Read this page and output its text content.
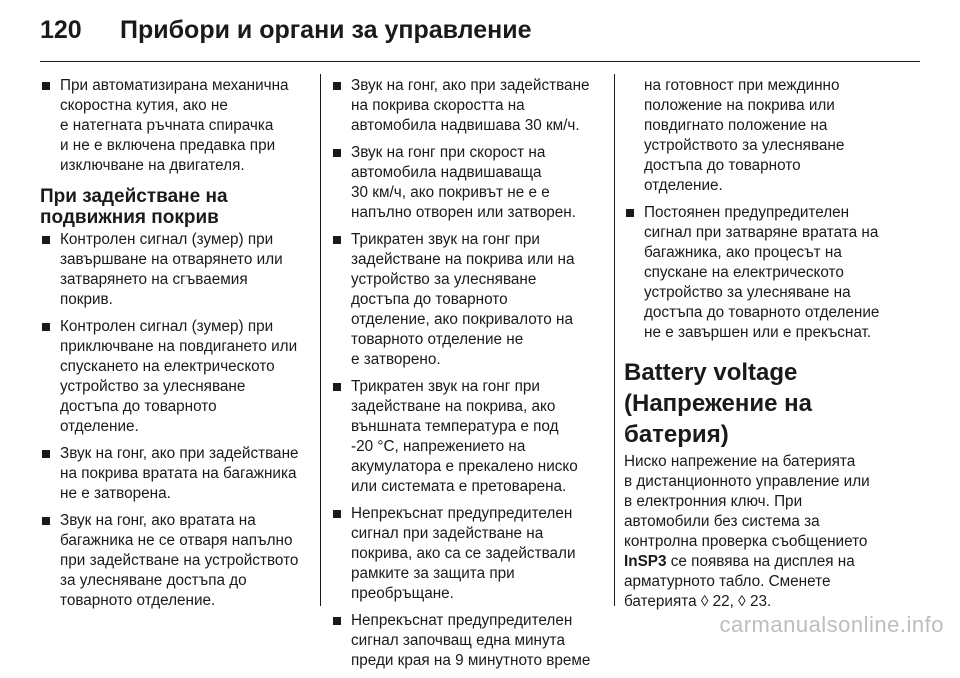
120 Прибори и органи за управление
При автоматизирана механична
скоростна кутия, ако не
е натегната ръчната спирачка
и не е включена предавка при
изключване на двигателя.
При задействане на
подвижния покрив
Контролен сигнал (зумер) при
завършване на отварянето или
затварянето на сгъваемия
покрив.
Контролен сигнал (зумер) при
приключване на повдигането или
спускането на електрическото
устройство за улесняване
достъпа до товарното
отделение.
Звук на гонг, ако при задействане
на покрива вратата на багажника
не е затворена.
Звук на гонг, ако вратата на
багажника не се отваря напълно
при задействане на устройството
за улесняване достъпа до
товарното отделение.
Звук на гонг, ако при задействане
на покрива скоростта на
автомобила надвишава 30 км/ч.
Звук на гонг при скорост на
автомобила надвишаваща
30 км/ч, ако покривът не е е
напълно отворен или затворен.
Трикратен звук на гонг при
задействане на покрива или на
устройство за улесняване
достъпа до товарното
отделение, ако покривалото на
товарното отделение не
е затворено.
Трикратен звук на гонг при
задействане на покрива, ако
външната температура е под
-20 °C, напрежението на
акумулатора е прекалено ниско
или системата е претоварена.
Непрекъснат предупредителен
сигнал при задействане на
покрива, ако са се задействали
рамките за защита при
преобръщане.
Непрекъснат предупредителен
сигнал започващ една минута
преди края на 9 минутното време
на готовност при междинно
положение на покрива или
повдигнато положение на
устройството за улесняване
достъпа до товарното
отделение.
Постоянен предупредителен
сигнал при затваряне вратата на
багажника, ако процесът на
спускане на електрическото
устройство за улесняване на
достъпа до товарното отделение
не е завършен или е прекъснат.
Battery voltage
(Напрежение на
батерия)
Ниско напрежение на батерията
в дистанционното управление или
в електронния ключ. При
автомобили без система за
контролна проверка съобщението
InSP3 се появява на дисплея на
арматурното табло. Сменете
батерията ◊ 22, ◊ 23.
carmanualsonline.info
